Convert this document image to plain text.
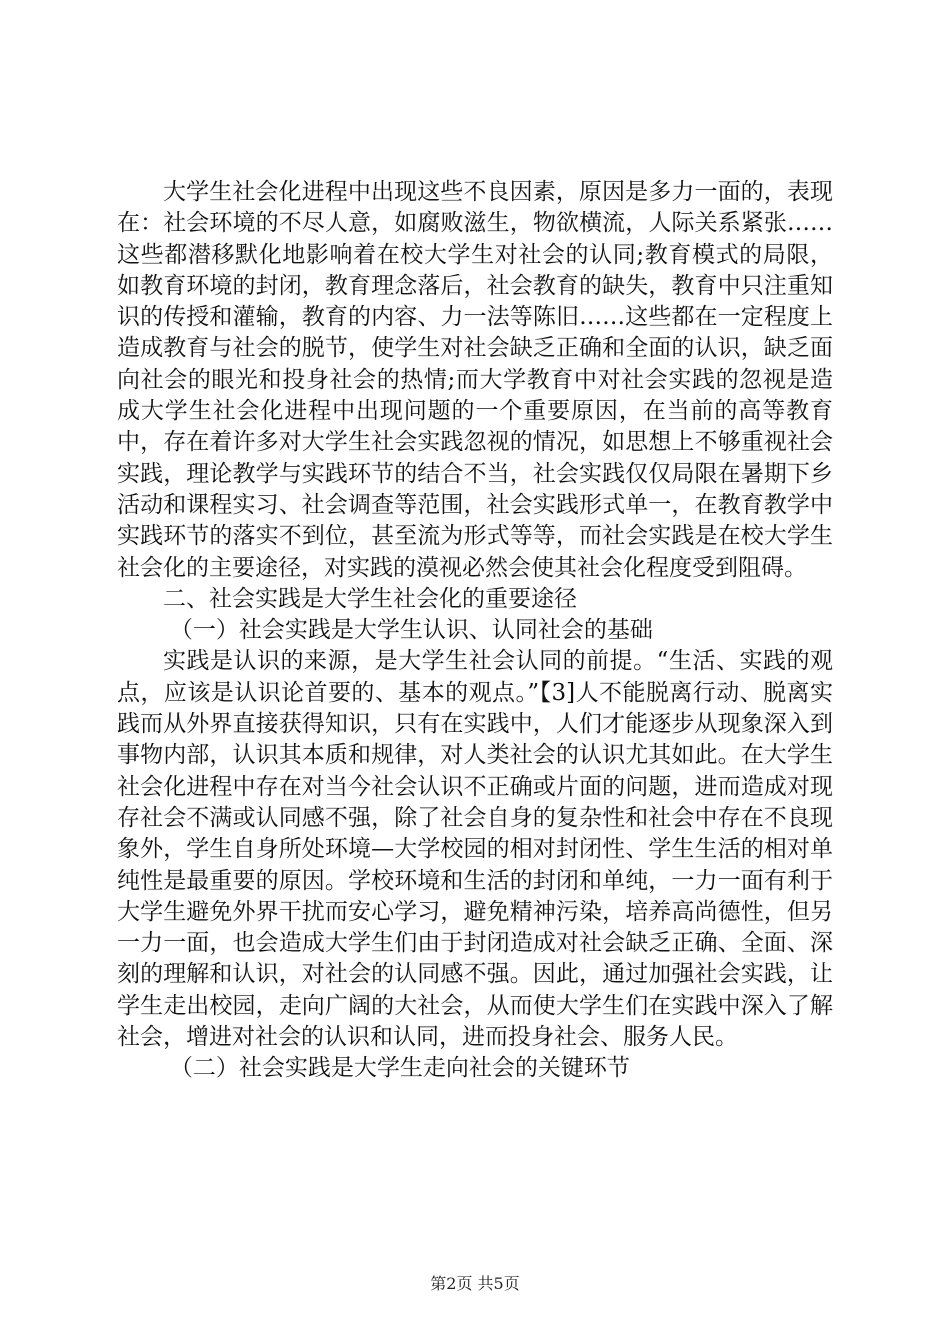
大学生社会化进程中出现这些不良因素，原因是多力一面的，表现在：社会环境的不尽人意，如腐败滋生，物欲横流，人际关系紧张……这些都潜移默化地影响着在校大学生对社会的认同;教育模式的局限，如教育环境的封闭，教育理念落后，社会教育的缺失，教育中只注重知识的传授和灌输，教育的内容、力一法等陈旧……这些都在一定程度上造成教育与社会的脱节，使学生对社会缺乏正确和全面的认识，缺乏面向社会的眼光和投身社会的热情;而大学教育中对社会实践的忽视是造成大学生社会化进程中出现问题的一个重要原因，在当前的高等教育中，存在着许多对大学生社会实践忽视的情况，如思想上不够重视社会实践，理论教学与实践环节的结合不当，社会实践仅仅局限在暑期下乡活动和课程实习、社会调查等范围，社会实践形式单一，在教育教学中实践环节的落实不到位，甚至流为形式等等，而社会实践是在校大学生社会化的主要途径，对实践的漠视必然会使其社会化程度受到阻碍。

二、社会实践是大学生社会化的重要途径

（一）社会实践是大学生认识、认同社会的基础

实践是认识的来源，是大学生社会认同的前提。“生活、实践的观点，应该是认识论首要的、基本的观点。”【3]人不能脱离行动、脱离实践而从外界直接获得知识，只有在实践中，人们才能逐步从现象深入到事物内部，认识其本质和规律，对人类社会的认识尤其如此。在大学生社会化进程中存在对当今社会认识不正确或片面的问题，进而造成对现存社会不满或认同感不强，除了社会自身的复杂性和社会中存在不良现象外，学生自身所处环境—大学校园的相对封闭性、学生生活的相对单纯性是最重要的原因。学校环境和生活的封闭和单纯，一力一面有利于大学生避免外界干扰而安心学习，避免精神污染，培养高尚德性，但另一力一面，也会造成大学生们由于封闭造成对社会缺乏正确、全面、深刻的理解和认识，对社会的认同感不强。因此，通过加强社会实践，让学生走出校园，走向广阔的大社会，从而使大学生们在实践中深入了解社会，增进对社会的认识和认同，进而投身社会、服务人民。

（二）社会实践是大学生走向社会的关键环节

第2页 共5页
